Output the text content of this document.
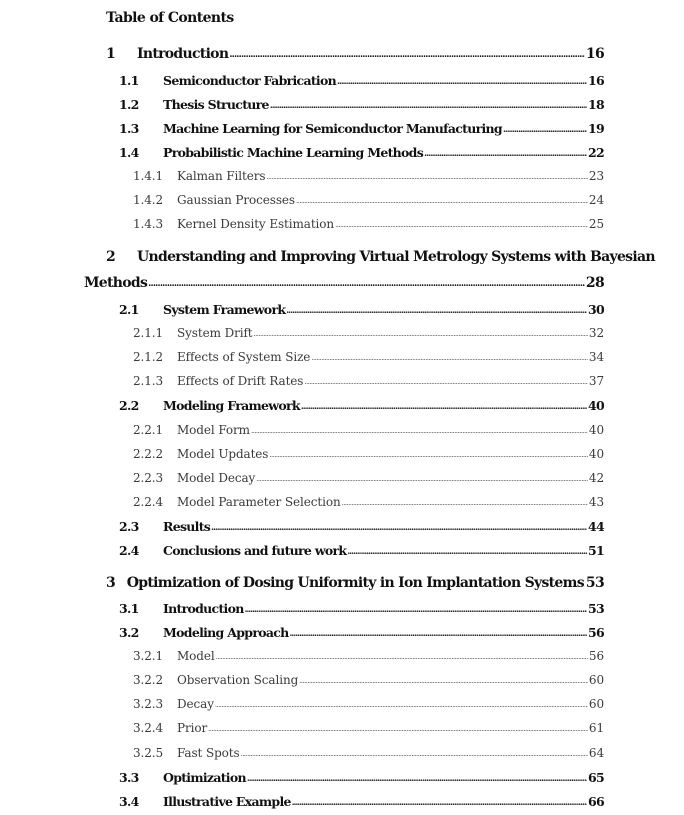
Table of Contents
1	Introduction .....	16
1.1	Semiconductor Fabrication .....	16
1.2	Thesis Structure .....	18
1.3	Machine Learning for Semiconductor Manufacturing .....	19
1.4	Probabilistic Machine Learning Methods .....	22
1.4.1	Kalman Filters .....	23
1.4.2	Gaussian Processes .....	24
1.4.3	Kernel Density Estimation .....	25
2 Understanding and Improving Virtual Metrology Systems with Bayesian
Methods .....	28
2.1	System Framework .....	30
2.1.1	System Drift .....	32
2.1.2	Effects of System Size .....	34
2.1.3	Effects of Drift Rates .....	37
2.2	Modeling Framework .....	40
2.2.1	Model Form .....	40
2.2.2	Model Updates .....	40
2.2.3	Model Decay .....	42
2.2.4	Model Parameter Selection .....	43
2.3	Results .....	44
2.4	Conclusions and future work .....	51
3 Optimization of Dosing Uniformity in Ion Implantation Systems 53
3.1	Introduction .....	53
3.2	Modeling Approach .....	56
3.2.1	Model .....	56
3.2.2	Observation Scaling .....	60
3.2.3	Decay .....	60
3.2.4	Prior .....	61
3.2.5	Fast Spots .....	64
3.3	Optimization .....	65
3.4	Illustrative Example .....	66
